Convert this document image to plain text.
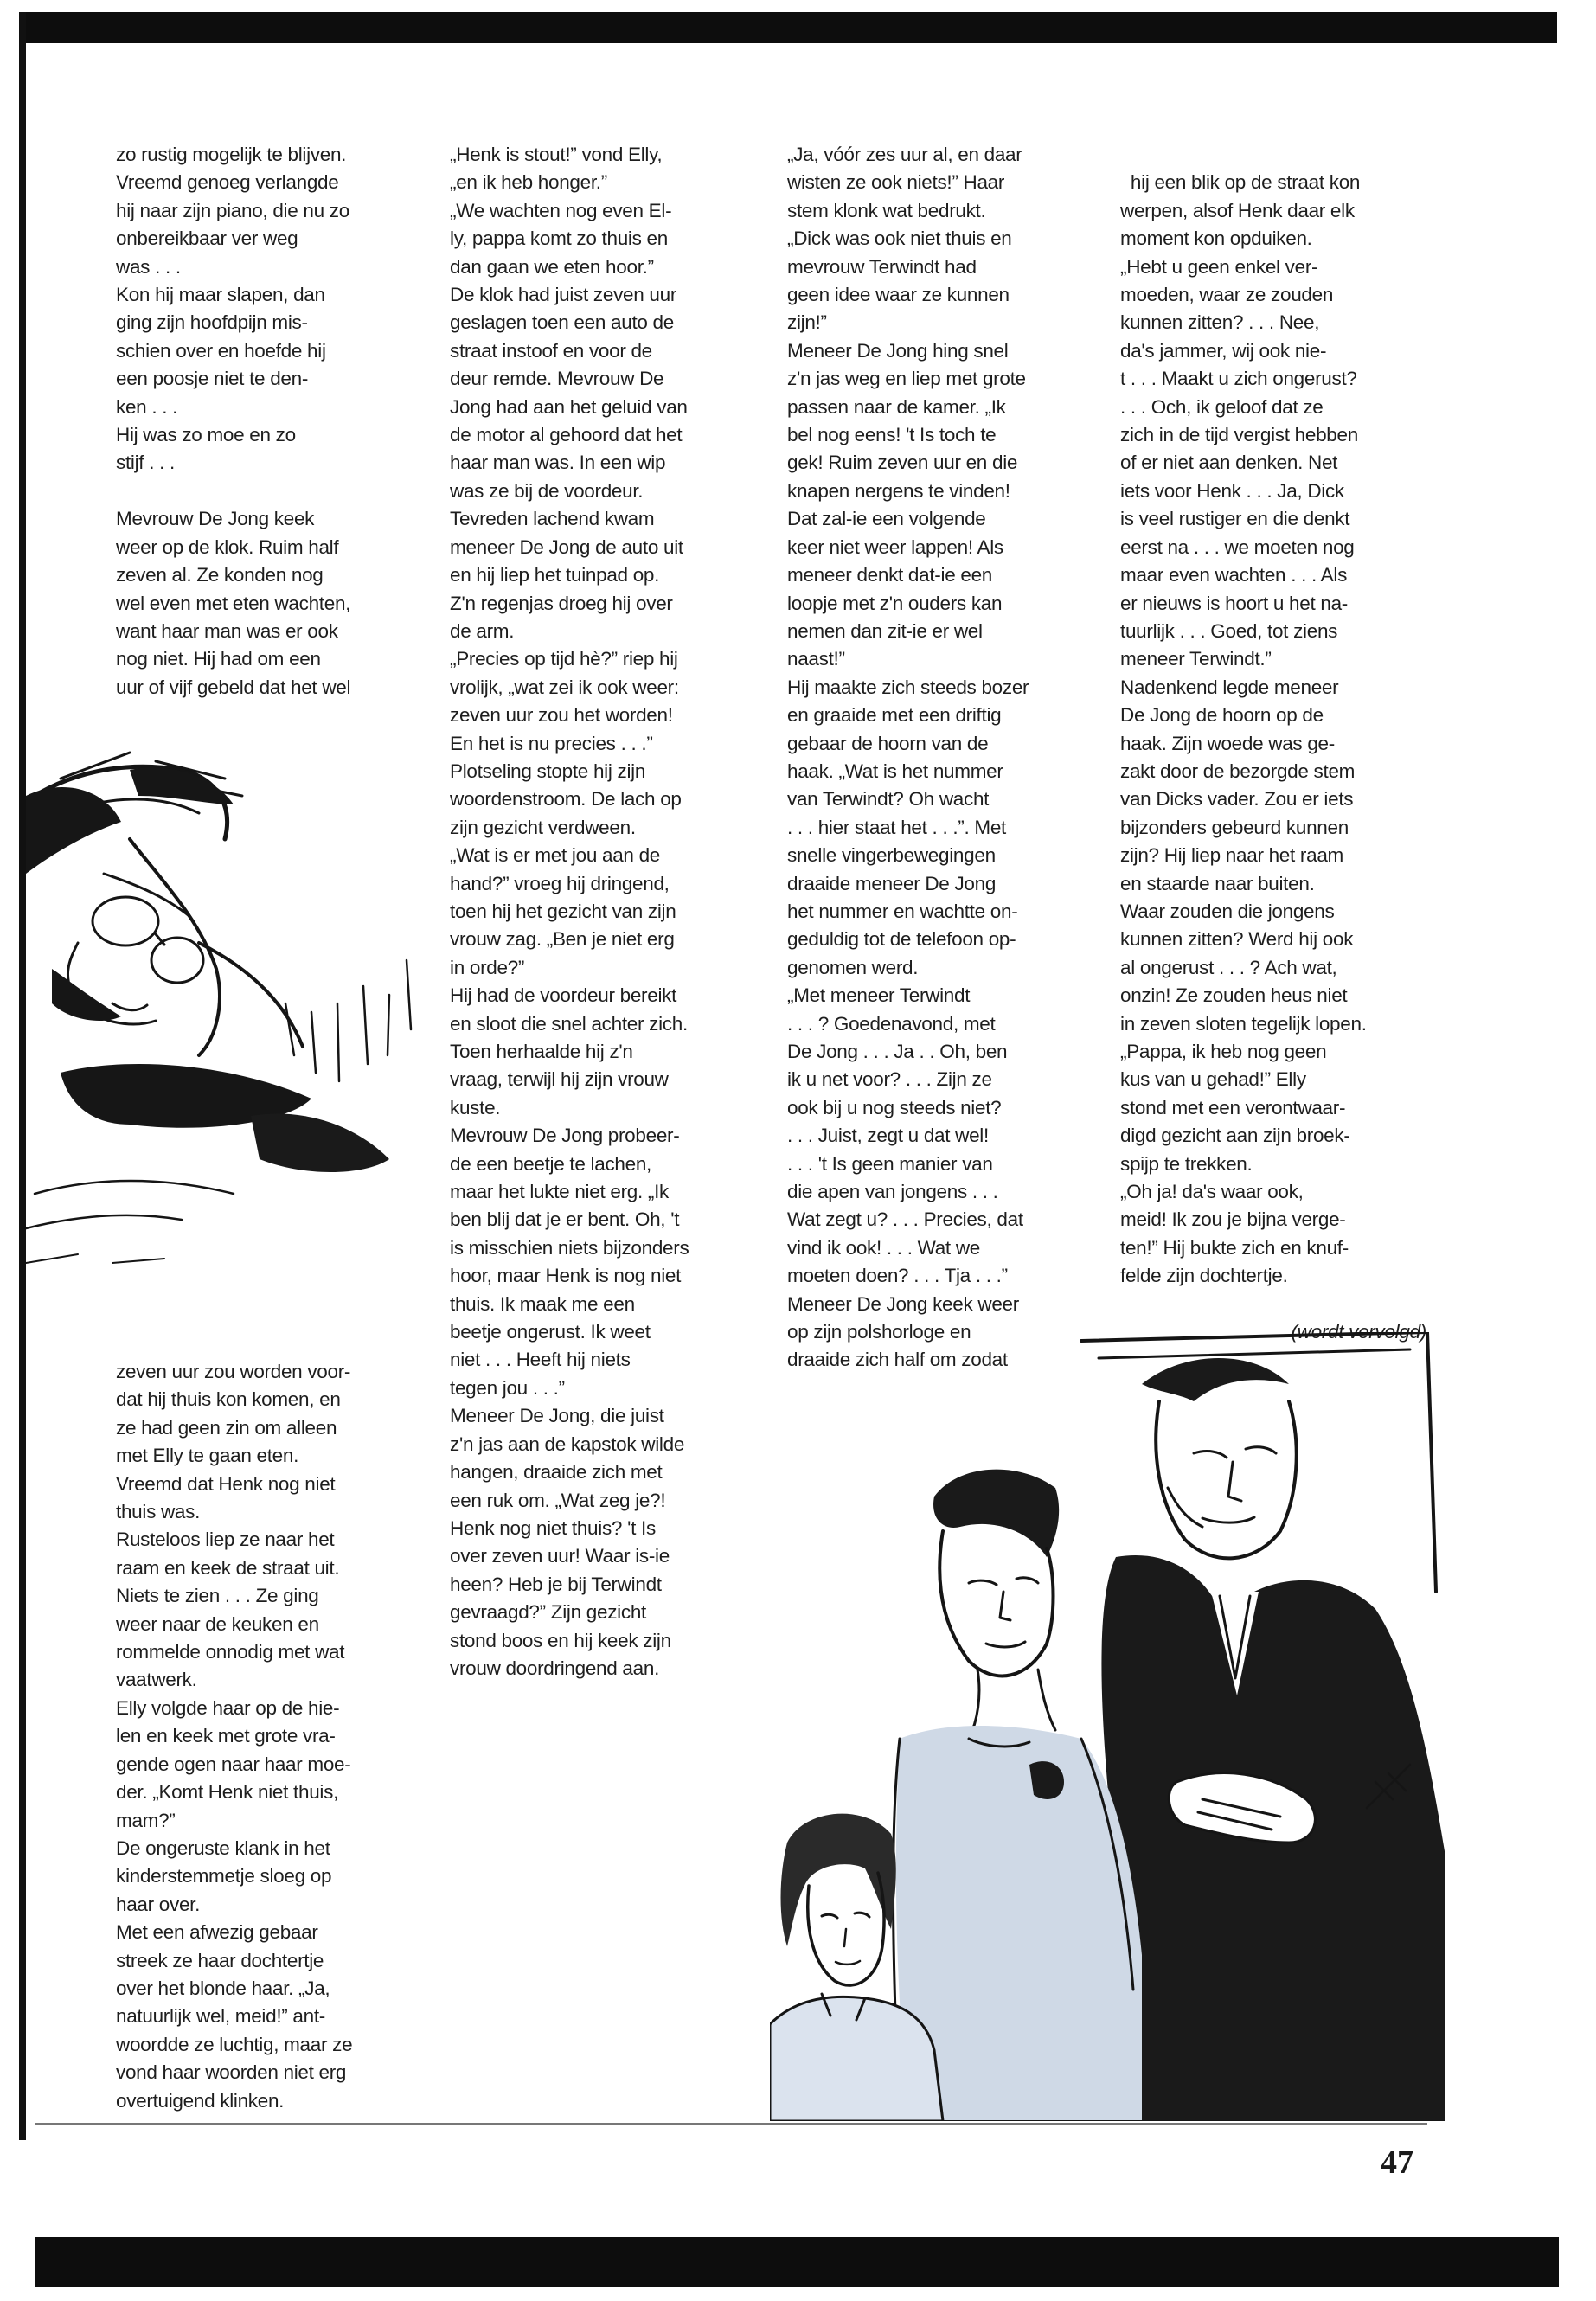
zo rustig mogelijk te blijven.
Vreemd genoeg verlangde
hij naar zijn piano, die nu zo
onbereikbaar ver weg
was . . .
Kon hij maar slapen, dan
ging zijn hoofdpijn mis-
schien over en hoefde hij
een poosje niet te den-
ken . . .
Hij was zo moe en zo
stijf . . .

Mevrouw De Jong keek
weer op de klok. Ruim half
zeven al. Ze konden nog
wel even met eten wachten,
want haar man was er ook
nog niet. Hij had om een
uur of vijf gebeld dat het wel
zeven uur zou worden voor-
dat hij thuis kon komen, en
ze had geen zin om alleen
met Elly te gaan eten.
Vreemd dat Henk nog niet
thuis was.
Rusteloos liep ze naar het
raam en keek de straat uit.
Niets te zien . . . Ze ging
weer naar de keuken en
rommelde onnodig met wat
vaatwerk.
Elly volgde haar op de hie-
len en keek met grote vra-
gende ogen naar haar moe-
der. „Komt Henk niet thuis,
mam?”
De ongeruste klank in het
kinderstemmetje sloeg op
haar over.
Met een afwezig gebaar
streek ze haar dochtertje
over het blonde haar. „Ja,
natuurlijk wel, meid!” ant-
woordde ze luchtig, maar ze
vond haar woorden niet erg
overtuigend klinken.
„Henk is stout!” vond Elly,
„en ik heb honger.”
„We wachten nog even El-
ly, pappa komt zo thuis en
dan gaan we eten hoor.”
De klok had juist zeven uur
geslagen toen een auto de
straat instoof en voor de
deur remde. Mevrouw De
Jong had aan het geluid van
de motor al gehoord dat het
haar man was. In een wip
was ze bij de voordeur.
Tevreden lachend kwam
meneer De Jong de auto uit
en hij liep het tuinpad op.
Z'n regenjas droeg hij over
de arm.
„Precies op tijd hè?” riep hij
vrolijk, „wat zei ik ook weer:
zeven uur zou het worden!
En het is nu precies . . .”
Plotseling stopte hij zijn
woordenstroom. De lach op
zijn gezicht verdween.
„Wat is er met jou aan de
hand?” vroeg hij dringend,
toen hij het gezicht van zijn
vrouw zag. „Ben je niet erg
in orde?”
Hij had de voordeur bereikt
en sloot die snel achter zich.
Toen herhaalde hij z'n
vraag, terwijl hij zijn vrouw
kuste.
Mevrouw De Jong probeer-
de een beetje te lachen,
maar het lukte niet erg. „Ik
ben blij dat je er bent. Oh, 't
is misschien niets bijzonders
hoor, maar Henk is nog niet
thuis. Ik maak me een
beetje ongerust. Ik weet
niet . . . Heeft hij niets
tegen jou . . .”
Meneer De Jong, die juist
z'n jas aan de kapstok wilde
hangen, draaide zich met
een ruk om. „Wat zeg je?!
Henk nog niet thuis? 't Is
over zeven uur! Waar is-ie
heen? Heb je bij Terwindt
gevraagd?” Zijn gezicht
stond boos en hij keek zijn
vrouw doordringend aan.
„Ja, vóór zes uur al, en daar
wisten ze ook niets!” Haar
stem klonk wat bedrukt.
„Dick was ook niet thuis en
mevrouw Terwindt had
geen idee waar ze kunnen
zijn!”
Meneer De Jong hing snel
z'n jas weg en liep met grote
passen naar de kamer. „Ik
bel nog eens! 't Is toch te
gek! Ruim zeven uur en die
knapen nergens te vinden!
Dat zal-ie een volgende
keer niet weer lappen! Als
meneer denkt dat-ie een
loopje met z'n ouders kan
nemen dan zit-ie er wel
naast!”
Hij maakte zich steeds bozer
en graaide met een driftig
gebaar de hoorn van de
haak. „Wat is het nummer
van Terwindt? Oh wacht
. . . hier staat het . . .”. Met
snelle vingerbewegingen
draaide meneer De Jong
het nummer en wachtte on-
geduldig tot de telefoon op-
genomen werd.
„Met meneer Terwindt
. . . ? Goedenavond, met
De Jong . . . Ja . . Oh, ben
ik u net voor? . . . Zijn ze
ook bij u nog steeds niet?
. . . Juist, zegt u dat wel!
. . . 't Is geen manier van
die apen van jongens . . .
Wat zegt u? . . . Precies, dat
vind ik ook! . . . Wat we
moeten doen? . . . Tja . . .”
Meneer De Jong keek weer
op zijn polshorloge en
draaide zich half om zodat

hij een blik op de straat kon
werpen, alsof Henk daar elk
moment kon opduiken.
„Hebt u geen enkel ver-
moeden, waar ze zouden
kunnen zitten? . . . Nee,
da's jammer, wij ook nie-
t . . . Maakt u zich ongerust?
. . . Och, ik geloof dat ze
zich in de tijd vergist hebben
of er niet aan denken. Net
iets voor Henk . . . Ja, Dick
is veel rustiger en die denkt
eerst na . . . we moeten nog
maar even wachten . . . Als
er nieuws is hoort u het na-
tuurlijk . . . Goed, tot ziens
meneer Terwindt.”
Nadenkend legde meneer
De Jong de hoorn op de
haak. Zijn woede was ge-
zakt door de bezorgde stem
van Dicks vader. Zou er iets
bijzonders gebeurd kunnen
zijn? Hij liep naar het raam
en staarde naar buiten.
Waar zouden die jongens
kunnen zitten? Werd hij ook
al ongerust . . . ? Ach wat,
onzin! Ze zouden heus niet
in zeven sloten tegelijk lopen.
„Pappa, ik heb nog geen
kus van u gehad!” Elly
stond met een verontwaar-
digd gezicht aan zijn broek-
spijp te trekken.
„Oh ja! da's waar ook,
meid! Ik zou je bijna verge-
ten!” Hij bukte zich en knuf-
felde zijn dochtertje.

(wordt vervolgd)

47
